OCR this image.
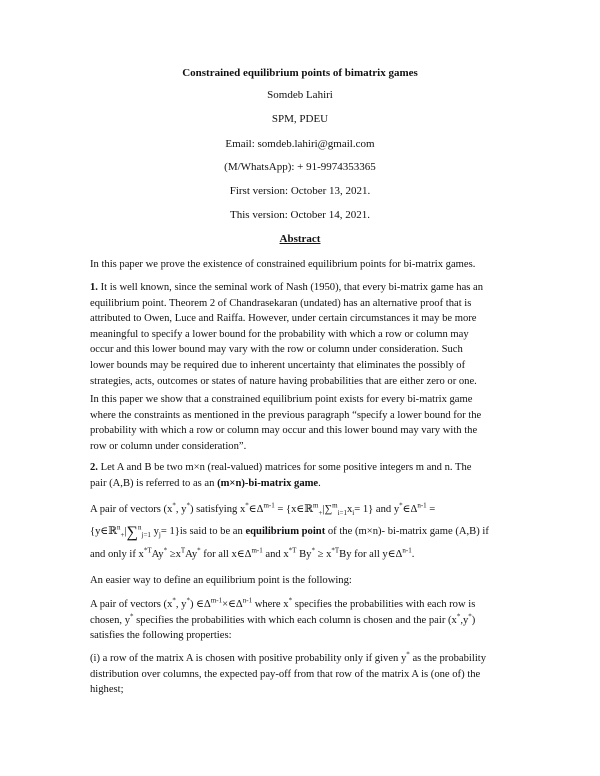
Constrained equilibrium points of bimatrix games
Somdeb Lahiri
SPM, PDEU
Email: somdeb.lahiri@gmail.com
(M/WhatsApp): + 91-9974353365
First version: October 13, 2021.
This version: October 14, 2021.
Abstract
In this paper we prove the existence of constrained equilibrium points for bi-matrix games.
1. It is well known, since the seminal work of Nash (1950), that every bi-matrix game has an
equilibrium point. Theorem 2 of Chandrasekaran (undated) has an alternative proof that is
attributed to Owen, Luce and Raiffa. However, under certain circumstances it may be more
meaningful to specify a lower bound for the probability with which a row or column may
occur and this lower bound may vary with the row or column under consideration. Such
lower bounds may be required due to inherent uncertainty that eliminates the possibly of
strategies, acts, outcomes or states of nature having probabilities that are either zero or one.
In this paper we show that a constrained equilibrium point exists for every bi-matrix game
where the constraints as mentioned in the previous paragraph “specify a lower bound for the
probability with which a row or column may occur and this lower bound may vary with the
row or column under consideration”.
2. Let A and B be two m×n (real-valued) matrices for some positive integers m and n. The
pair (A,B) is referred to as an (m×n)-bi-matrix game.
A pair of vectors (x*, y*) satisfying $x^*\in\Delta^{m-1}$ = $\{x\in ℝ^m_+|\sum^m_{i=1}x_i= 1\}$ and $y^*\in\Delta^{n-1}$ =
{y∈ℝ$^n_+$|∑$^n_{j=1}$ $y_j= 1\}is$ said to be an equilibrium point of the (m×n)- bi-matrix game (A,B) if
and only if $x^{*T}Ay^* \ge x^TAy^*$ for all $x\in\Delta^{m-1}$ and $x^{*T}$ $By^* \ge x^{*T}By$ for all $y\in\Delta^{n-1}$.
An easier way to define an equilibrium point is the following:
A pair of vectors (x*, y*) $\in\Delta^{m-1}\times\in\Delta^{n-1}$ where x* specifies the probabilities with each row is
chosen, y* specifies the probabilities with which each column is chosen and the pair (x*,y*)
satisfies the following properties:
(i) a row of the matrix A is chosen with positive probability only if given y* as the probability
distribution over columns, the expected pay-off from that row of the matrix A is (one of) the
highest;
